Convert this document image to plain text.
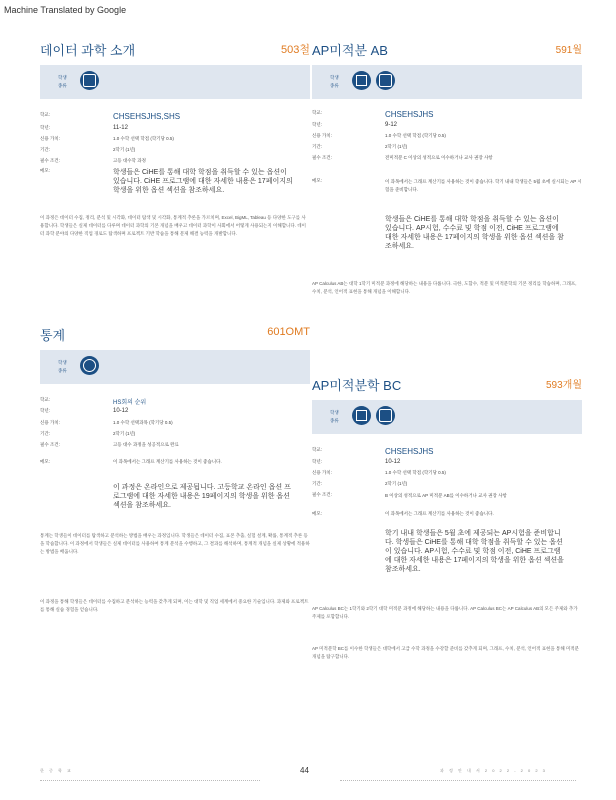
Machine Translated by Google
데이터 과학 소개	503철
학생
종류
학교:	CHSEHSJHS,SHS
학년:	11-12
신용 가치:	1.0 수학 선택 학점 (학기당 0.5)
기간:	2학기 (1년)
필수 조건:	고등 대수학 과정
메모:	학생들은 CiHE를 통해 대학 학점을 취득할 수 있는 옵션이 있습니다. CiHE 프로그램에 대한 자세한 내용은 17페이지의 학생을 위한 옵션 섹션을 참조하세요.
이 과정은 데이터 수집, 정리, 분석 및 시각화, 데이터 탐색 및 시각화, 통계적 추론을 가르치며, Excel, BigML, Tableau 등 다양한 도구를 사용합니다. 학생들은 실제 데이터를 다루며 데이터 과학의 기본 개념을 배우고 데이터 과학이 사회에서 어떻게 사용되는지 이해합니다. 데이터 과학 분야의 다양한 직업 경로도 탐색하며 프로젝트 기반 학습을 통해 문제 해결 능력을 개발합니다.
통계	601OMT
학생
종류
학교:
HS회의 순위
학년:	10-12
신용 가치:	1.0 수학 선택과목 (학기당 0.5)
기간:	2학기 (1년)
필수 조건:	고등 대수 과정을 성공적으로 완료
메모:	이 과목에서는 그래프 계산기를 사용하는 것이 좋습니다.
이 과정은 온라인으로 제공됩니다. 고등학교 온라인 옵션 프로그램에 대한 자세한 내용은 19페이지의 학생을 위한 옵션 섹션을 참조하세요.
통계는 학생들이 데이터를 탐색하고 분석하는 방법을 배우는 과정입니다. 학생들은 데이터 수집, 표본 추출, 실험 설계, 확률, 통계적 추론 등을 학습합니다. 이 과정에서 학생들은 실제 데이터를 사용하여 통계 분석을 수행하고, 그 결과를 해석하며, 통계적 개념을 실제 상황에 적용하는 방법을 배웁니다.
이 과정을 통해 학생들은 데이터를 수집하고 분석하는 능력을 갖추게 되며, 이는 대학 및 직업 세계에서 중요한 기술입니다. 과제와 프로젝트를 통해 실습 경험을 얻습니다.
AP미적분 AB	591월
학생
종류
학교:	CHSEHSJHS
학년:	9-12
신용 가치:	1.0 수학 선택 학점 (학기당 0.5)
기간:	2학기 (1년)
필수 조건:	전미적분 C 이상의 성적으로 이수하거나 교사 권장 사항
메모:	이 과목에서는 그래프 계산기를 사용하는 것이 좋습니다. 학기 내내 학생들은 5월 초에 실시되는 AP 시험을 준비합니다.
학생들은 CiHE를 통해 대학 학점을 취득할 수 있는 옵션이 있습니다. AP시험, 수수료 및 학점 이전, CiHE 프로그램에 대한 자세한 내용은 17페이지의 학생을 위한 옵션 섹션을 참조하세요.
AP Calculus AB는 대학 1학기 미적분 과정에 해당하는 내용을 다룹니다. 극한, 도함수, 적분 및 미적분학의 기본 정리를 학습하며, 그래프, 수치, 분석, 언어적 표현을 통해 개념을 이해합니다.
AP미적분학 BC	593개월
학생
종류
학교:	CHSEHSJHS
학년:	10-12
신용 가치:	1.0 수학 선택 학점 (학기당 0.5)
기간:	2학기 (1년)
필수 조건:	B 이상의 성적으로 AP 미적분 AB를 이수하거나 교사 권장 사항
메모:	이 과목에서는 그래프 계산기를 사용하는 것이 좋습니다.
학기 내내 학생들은 5월 초에 제공되는 AP시험을 준비합니다. 학생들은 CiHE를 통해 대학 학점을 취득할 수 있는 옵션이 있습니다. AP시험, 수수료 및 학점 이전, CiHE 프로그램에 대한 자세한 내용은 17페이지의 학생을 위한 옵션 섹션을 참조하세요.
AP Calculus BC는 1학기와 2학기 대학 미적분 과정에 해당하는 내용을 다룹니다. AP Calculus BC는 AP Calculus AB의 모든 주제와 추가 주제를 포함합니다.
AP 미적분학 BC를 이수한 학생들은 대학에서 고급 수학 과정을 수강할 준비를 갖추게 되며, 그래프, 수치, 분석, 언어적 표현을 통해 미적분 개념을 탐구합니다.
한 중 학 교	44	과 정 안 내 서 2 0 2 2 - 2 0 2 3
